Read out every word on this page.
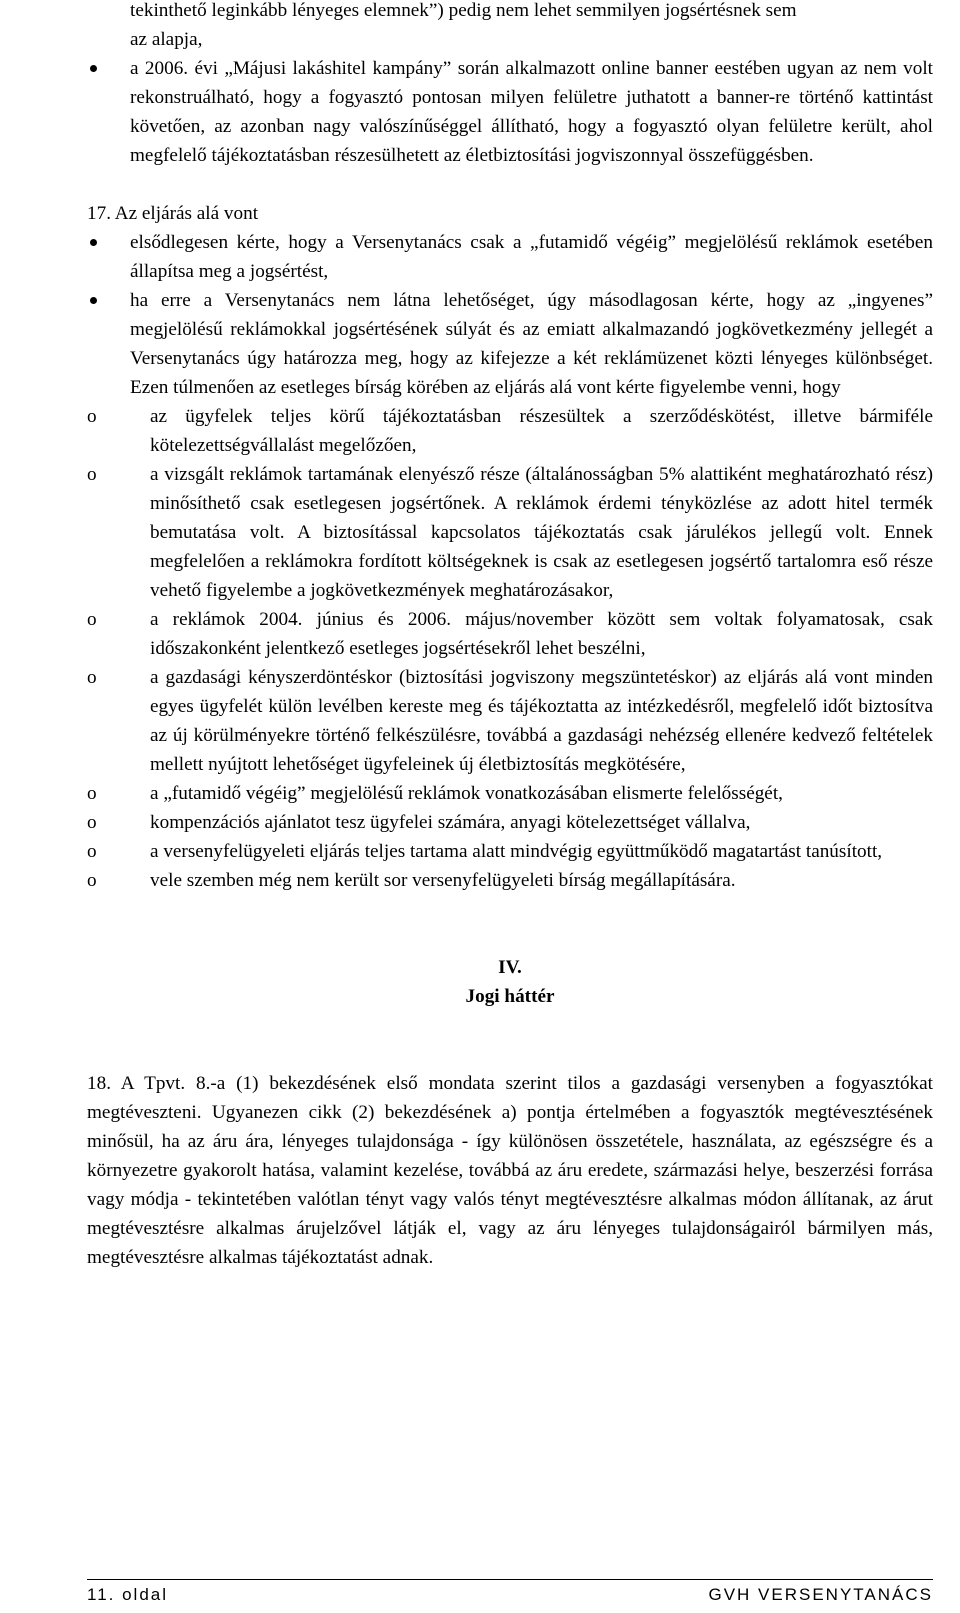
tekinthető leginkább lényeges elemnek”) pedig nem lehet semmilyen jogsértésnek sem
az alapja,

a 2006. évi „Májusi lakáshitel kampány” során alkalmazott online banner eestében ugyan az nem volt rekonstruálható, hogy a fogyasztó pontosan milyen felületre juthatott a banner-re történő kattintást követően, az azonban nagy valószínűséggel állítható, hogy a fogyasztó olyan felületre került, ahol megfelelő tájékoztatásban részesülhetett az életbiztosítási jogviszonnyal összefüggésben.

17. Az eljárás alá vont

elsődlegesen kérte, hogy a Versenytanács csak a „futamidő végéig” megjelölésű reklámok esetében állapítsa meg a jogsértést,

ha erre a Versenytanács nem látna lehetőséget, úgy másodlagosan kérte, hogy az „ingyenes” megjelölésű reklámokkal jogsértésének súlyát és az emiatt alkalmazandó jogkövetkezmény jellegét a Versenytanács úgy határozza meg, hogy az kifejezze a két reklámüzenet közti lényeges különbséget. Ezen túlmenően az esetleges bírság körében az eljárás alá vont kérte figyelembe venni, hogy

o	az ügyfelek teljes körű tájékoztatásban részesültek a szerződéskötést, illetve bármiféle kötelezettségvállalást megelőzően,

o	a vizsgált reklámok tartamának elenyésző része (általánosságban 5% alattiként meghatározható rész) minősíthető csak esetlegesen jogsértőnek. A reklámok érdemi tényközlése az adott hitel termék bemutatása volt. A biztosítással kapcsolatos tájékoztatás csak járulékos jellegű volt. Ennek megfelelően a reklámokra fordított költségeknek is csak az esetlegesen jogsértő tartalomra eső része vehető figyelembe a jogkövetkezmények meghatározásakor,

o	a reklámok 2004. június és 2006. május/november között sem voltak folyamatosak, csak időszakonként jelentkező esetleges jogsértésekről lehet beszélni,

o	a gazdasági kényszerdöntéskor (biztosítási jogviszony megszüntetéskor) az eljárás alá vont minden egyes ügyfelét külön levélben kereste meg és tájékoztatta az intézkedésről, megfelelő időt biztosítva az új körülményekre történő felkészülésre, továbbá a gazdasági nehézség ellenére kedvező feltételek mellett nyújtott lehetőséget ügyfeleinek új életbiztosítás megkötésére,

o	a „futamidő végéig” megjelölésű reklámok vonatkozásában elismerte felelősségét,

o	kompenzációs ajánlatot tesz ügyfelei számára, anyagi kötelezettséget vállalva,

o	a versenyfelügyeleti eljárás teljes tartama alatt mindvégig együttműködő magatartást tanúsított,

o	vele szemben még nem került sor versenyfelügyeleti bírság megállapítására.

IV.

Jogi háttér

18. A Tpvt. 8.-a (1) bekezdésének első mondata szerint tilos a gazdasági versenyben a fogyasztókat megtéveszteni. Ugyanezen cikk (2) bekezdésének a) pontja értelmében a fogyasztók megtévesztésének minősül, ha az áru ára, lényeges tulajdonsága - így különösen összetétele, használata, az egészségre és a környezetre gyakorolt hatása, valamint kezelése, továbbá az áru eredete, származási helye, beszerzési forrása vagy módja - tekintetében valótlan tényt vagy valós tényt megtévesztésre alkalmas módon állítanak, az árut megtévesztésre alkalmas árujelzővel látják el, vagy az áru lényeges tulajdonságairól bármilyen más, megtévesztésre alkalmas tájékoztatást adnak.

11. oldal	GVH VERSENYTANÁCS
